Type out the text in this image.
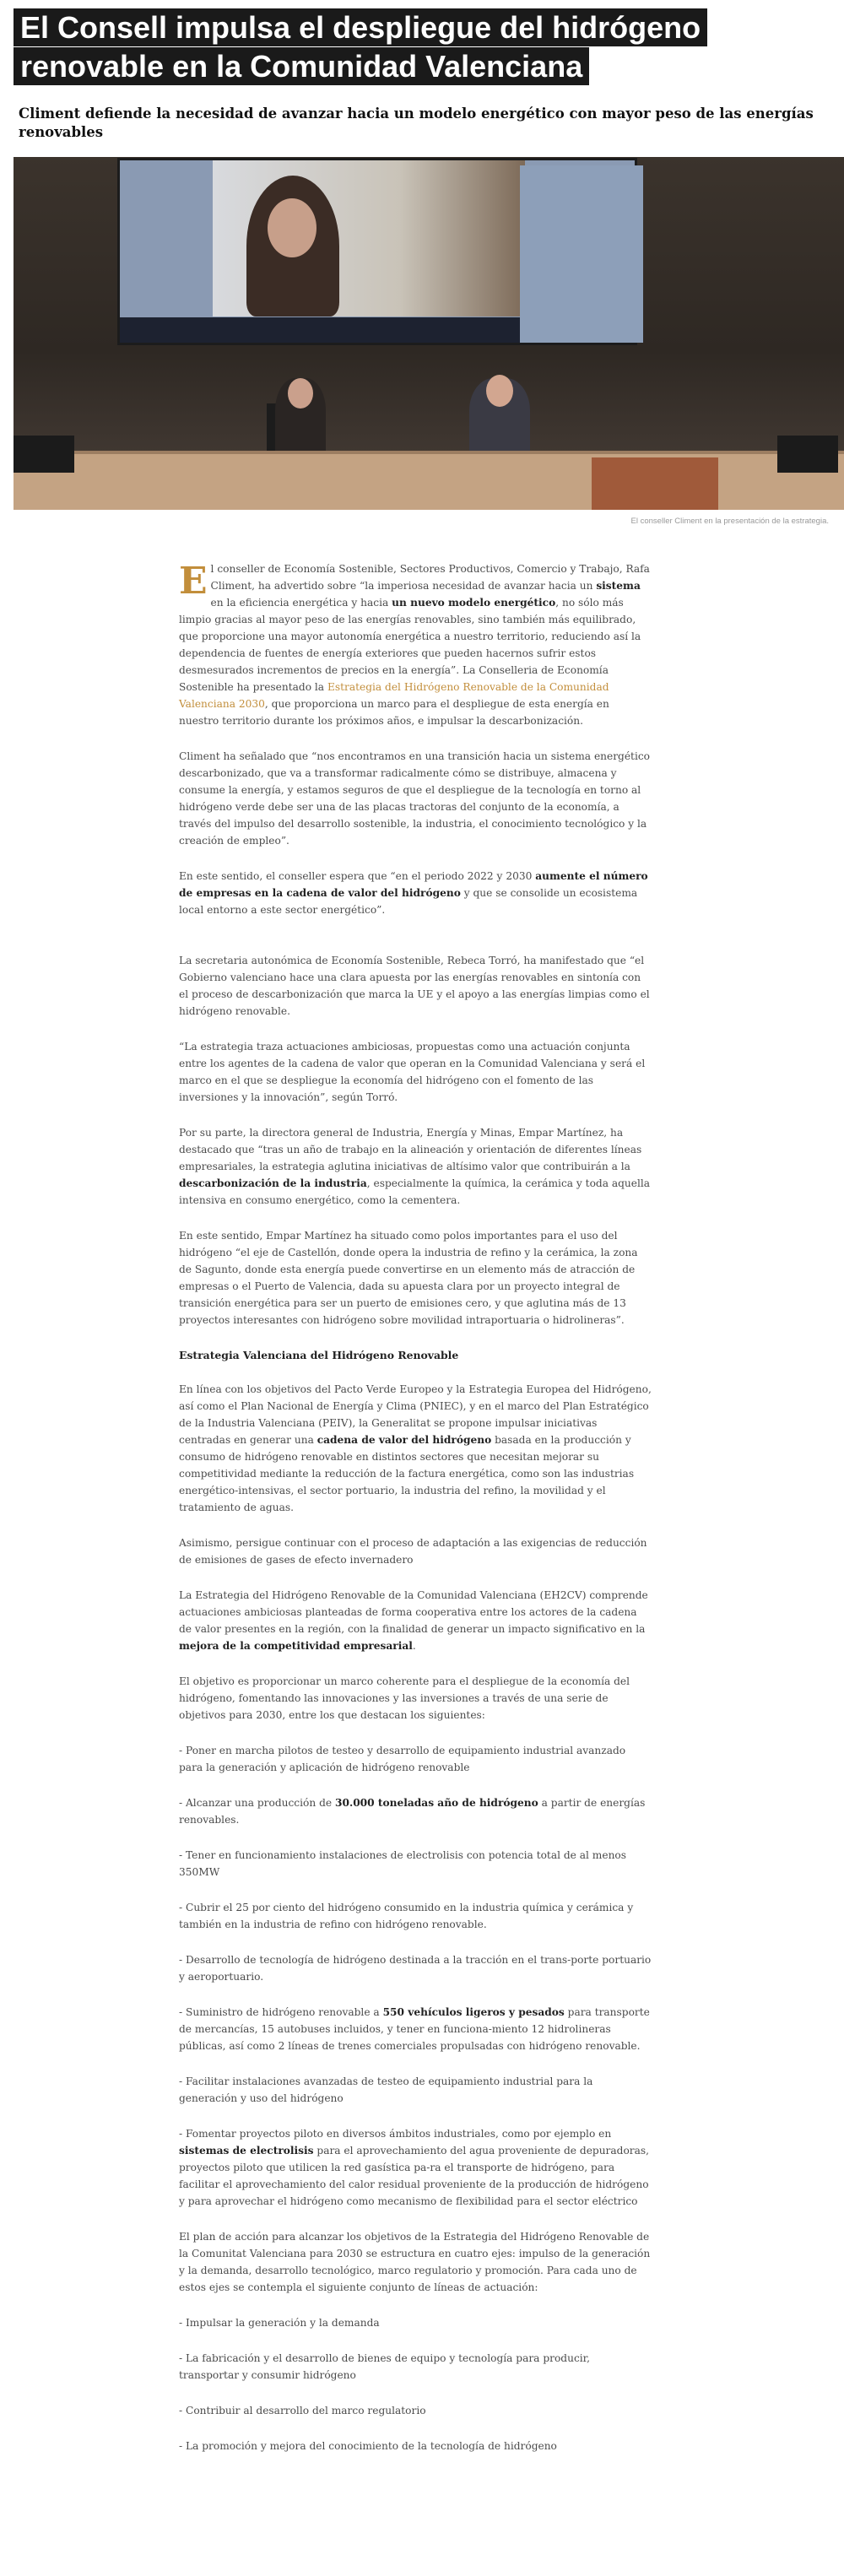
El Consell impulsa el despliegue del hidrógeno
renovable en la Comunidad Valenciana
Climent defiende la necesidad de avanzar hacia un modelo energético con mayor peso de las energías renovables
El conseller Climent en la presentación de la estrategia.

El conseller de Economía Sostenible, Sectores Productivos, Comercio y Trabajo, Rafa Climent, ha advertido sobre “la imperiosa necesidad de avanzar hacia un sistema en la eficiencia energética y hacia un nuevo modelo energético, no sólo más limpio gracias al mayor peso de las energías renovables, sino también más equilibrado, que proporcione una mayor autonomía energética a nuestro territorio, reduciendo así la dependencia de fuentes de energía exteriores que pueden hacernos sufrir estos desmesurados incrementos de precios en la energía”. La Conselleria de Economía Sostenible ha presentado la Estrategia del Hidrógeno Renovable de la Comunidad Valenciana 2030, que proporciona un marco para el despliegue de esta energía en nuestro territorio durante los próximos años, e impulsar la descarbonización.

Climent ha señalado que “nos encontramos en una transición hacia un sistema energético descarbonizado, que va a transformar radicalmente cómo se distribuye, almacena y consume la energía, y estamos seguros de que el despliegue de la tecnología en torno al hidrógeno verde debe ser una de las placas tractoras del conjunto de la economía, a través del impulso del desarrollo sostenible, la industria, el conocimiento tecnológico y la creación de empleo”.

En este sentido, el conseller espera que “en el periodo 2022 y 2030 aumente el número de empresas en la cadena de valor del hidrógeno y que se consolide un ecosistema local entorno a este sector energético”.

La secretaria autonómica de Economía Sostenible, Rebeca Torró, ha manifestado que “el Gobierno valenciano hace una clara apuesta por las energías renovables en sintonía con el proceso de descarbonización que marca la UE y el apoyo a las energías limpias como el hidrógeno renovable.

“La estrategia traza actuaciones ambiciosas, propuestas como una actuación conjunta entre los agentes de la cadena de valor que operan en la Comunidad Valenciana y será el marco en el que se despliegue la economía del hidrógeno con el fomento de las inversiones y la innovación”, según Torró.

Por su parte, la directora general de Industria, Energía y Minas, Empar Martínez, ha destacado que “tras un año de trabajo en la alineación y orientación de diferentes líneas empresariales, la estrategia aglutina iniciativas de altísimo valor que contribuirán a la descarbonización de la industria, especialmente la química, la cerámica y toda aquella intensiva en consumo energético, como la cementera.

En este sentido, Empar Martínez ha situado como polos importantes para el uso del hidrógeno “el eje de Castellón, donde opera la industria de refino y la cerámica, la zona de Sagunto, donde esta energía puede convertirse en un elemento más de atracción de empresas o el Puerto de Valencia, dada su apuesta clara por un proyecto integral de transición energética para ser un puerto de emisiones cero, y que aglutina más de 13 proyectos interesantes con hidrógeno sobre movilidad intraportuaria o hidrolineras”.

Estrategia Valenciana del Hidrógeno Renovable

En línea con los objetivos del Pacto Verde Europeo y la Estrategia Europea del Hidrógeno, así como el Plan Nacional de Energía y Clima (PNIEC), y en el marco del Plan Estratégico de la Industria Valenciana (PEIV), la Generalitat se propone impulsar iniciativas centradas en generar una cadena de valor del hidrógeno basada en la producción y consumo de hidrógeno renovable en distintos sectores que necesitan mejorar su competitividad mediante la reducción de la factura energética, como son las industrias energético-intensivas, el sector portuario, la industria del refino, la movilidad y el tratamiento de aguas.

Asimismo, persigue continuar con el proceso de adaptación a las exigencias de reducción de emisiones de gases de efecto invernadero

La Estrategia del Hidrógeno Renovable de la Comunidad Valenciana (EH2CV) comprende actuaciones ambiciosas planteadas de forma cooperativa entre los actores de la cadena de valor presentes en la región, con la finalidad de generar un impacto significativo en la mejora de la competitividad empresarial.

El objetivo es proporcionar un marco coherente para el despliegue de la economía del hidrógeno, fomentando las innovaciones y las inversiones a través de una serie de objetivos para 2030, entre los que destacan los siguientes:

- Poner en marcha pilotos de testeo y desarrollo de equipamiento industrial avanzado para la generación y aplicación de hidrógeno renovable

- Alcanzar una producción de 30.000 toneladas año de hidrógeno a partir de energías renovables.

- Tener en funcionamiento instalaciones de electrolisis con potencia total de al menos 350MW

- Cubrir el 25 por ciento del hidrógeno consumido en la industria química y cerámica y también en la industria de refino con hidrógeno renovable.

- Desarrollo de tecnología de hidrógeno destinada a la tracción en el trans-porte portuario y aeroportuario.

- Suministro de hidrógeno renovable a 550 vehículos ligeros y pesados para transporte de mercancías, 15 autobuses incluidos, y tener en funciona-miento 12 hidrolineras públicas, así como 2 líneas de trenes comerciales propulsadas con hidrógeno renovable.

- Facilitar instalaciones avanzadas de testeo de equipamiento industrial para la generación y uso del hidrógeno

- Fomentar proyectos piloto en diversos ámbitos industriales, como por ejemplo en sistemas de electrolisis para el aprovechamiento del agua proveniente de depuradoras, proyectos piloto que utilicen la red gasística pa-ra el transporte de hidrógeno, para facilitar el aprovechamiento del calor residual proveniente de la producción de hidrógeno y para aprovechar el hidrógeno como mecanismo de flexibilidad para el sector eléctrico

El plan de acción para alcanzar los objetivos de la Estrategia del Hidrógeno Renovable de la Comunitat Valenciana para 2030 se estructura en cuatro ejes: impulso de la generación y la demanda, desarrollo tecnológico, marco regulatorio y promoción. Para cada uno de estos ejes se contempla el siguiente conjunto de líneas de actuación:

- Impulsar la generación y la demanda

- La fabricación y el desarrollo de bienes de equipo y tecnología para producir, transportar y consumir hidrógeno

- Contribuir al desarrollo del marco regulatorio

- La promoción y mejora del conocimiento de la tecnología de hidrógeno
